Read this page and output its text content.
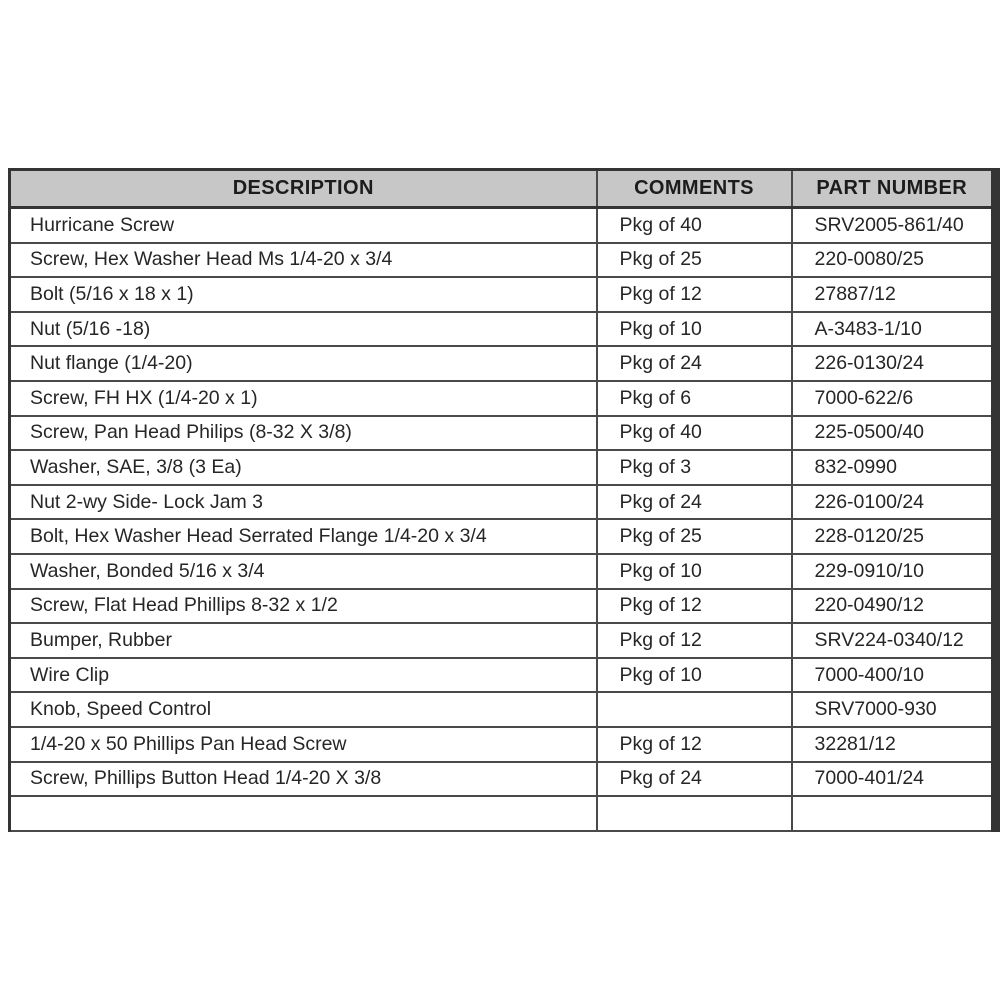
DESCRIPTION	COMMENTS	PART NUMBER
Hurricane Screw	Pkg of 40	SRV2005-861/40
Screw, Hex Washer Head Ms 1/4-20 x 3/4	Pkg of 25	220-0080/25
Bolt (5/16 x 18 x 1)	Pkg of 12	27887/12
Nut (5/16 -18)	Pkg of 10	A-3483-1/10
Nut flange (1/4-20)	Pkg of 24	226-0130/24
Screw, FH HX (1/4-20 x 1)	Pkg of 6	7000-622/6
Screw, Pan Head Philips (8-32 X 3/8)	Pkg of 40	225-0500/40
Washer, SAE, 3/8 (3 Ea)	Pkg of 3	832-0990
Nut 2-wy Side- Lock Jam 3	Pkg of 24	226-0100/24
Bolt, Hex Washer Head Serrated Flange 1/4-20 x 3/4	Pkg of 25	228-0120/25
Washer, Bonded 5/16 x 3/4	Pkg of 10	229-0910/10
Screw, Flat Head Phillips 8-32 x 1/2	Pkg of 12	220-0490/12
Bumper, Rubber	Pkg of 12	SRV224-0340/12
Wire Clip	Pkg of 10	7000-400/10
Knob, Speed Control		SRV7000-930
1/4-20 x 50 Phillips Pan Head Screw	Pkg of 12	32281/12
Screw, Phillips Button Head 1/4-20 X 3/8	Pkg of 24	7000-401/24
